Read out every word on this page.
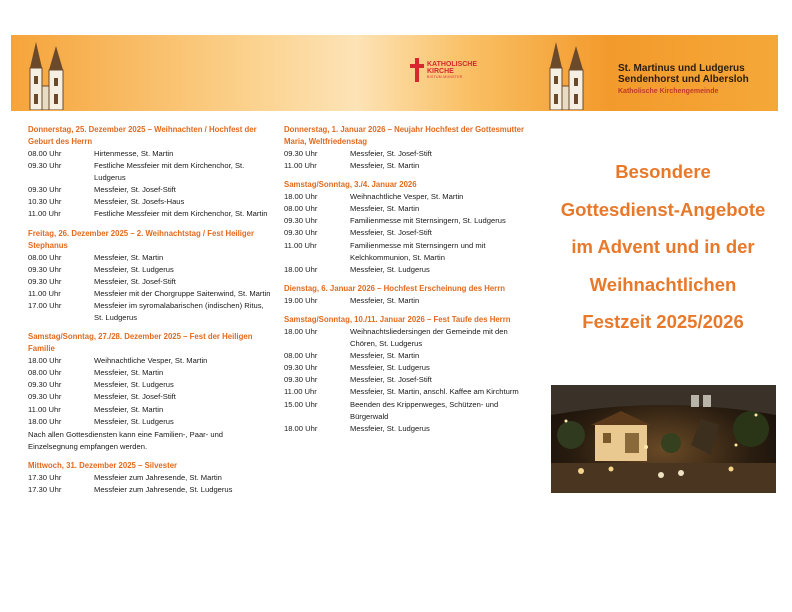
KATHOLISCHE
KIRCHE
BISTUM MÜNSTER
St. Martinus und Ludgerus
Sendenhorst und Albersloh
Katholische Kirchengemeinde
Donnerstag, 25. Dezember 2025 – Weihnachten / Hochfest der Geburt des Herrn
08.00 Uhr	Hirtenmesse, St. Martin
09.30 Uhr	Festliche Messfeier mit dem Kirchenchor, St. Ludgerus
09.30 Uhr	Messfeier, St. Josef-Stift
10.30 Uhr	Messfeier, St. Josefs-Haus
11.00 Uhr	Festliche Messfeier mit dem Kirchenchor, St. Martin
Freitag, 26. Dezember 2025 – 2. Weihnachtstag / Fest Heiliger Stephanus
08.00 Uhr	Messfeier, St. Martin
09.30 Uhr	Messfeier, St. Ludgerus
09.30 Uhr	Messfeier, St. Josef-Stift
11.00 Uhr	Messfeier mit der Chorgruppe Saitenwind, St. Martin
17.00 Uhr	Messfeier im syromalabarischen (indischen) Ritus, St. Ludgerus
Samstag/Sonntag, 27./28. Dezember 2025 – Fest der Heiligen Familie
18.00 Uhr	Weihnachtliche Vesper, St. Martin
08.00 Uhr	Messfeier, St. Martin
09.30 Uhr	Messfeier, St. Ludgerus
09.30 Uhr	Messfeier, St. Josef-Stift
11.00 Uhr	Messfeier, St. Martin
18.00 Uhr	Messfeier, St. Ludgerus
Nach allen Gottesdiensten kann eine Familien-, Paar- und Einzelsegnung empfangen werden.
Mittwoch, 31. Dezember 2025 – Silvester
17.30 Uhr	Messfeier zum Jahresende, St. Martin
17.30 Uhr	Messfeier zum Jahresende, St. Ludgerus
Donnerstag, 1. Januar 2026 – Neujahr Hochfest der Gottesmutter Maria, Weltfriedenstag
09.30 Uhr	Messfeier, St. Josef-Stift
11.00 Uhr	Messfeier, St. Martin
Samstag/Sonntag, 3./4. Januar 2026
18.00 Uhr	Weihnachtliche Vesper, St. Martin
08.00 Uhr	Messfeier, St. Martin
09.30 Uhr	Familienmesse mit Sternsingern, St. Ludgerus
09.30 Uhr	Messfeier, St. Josef-Stift
11.00 Uhr	Familienmesse mit Sternsingern und mit Kelchkommunion, St. Martin
18.00 Uhr	Messfeier, St. Ludgerus
Dienstag, 6. Januar 2026 – Hochfest Erscheinung des Herrn
19.00 Uhr	Messfeier, St. Martin
Samstag/Sonntag, 10./11. Januar 2026 – Fest Taufe des Herrn
18.00 Uhr	Weihnachtsliedersingen der Gemeinde mit den Chören, St. Ludgerus
08.00 Uhr	Messfeier, St. Martin
09.30 Uhr	Messfeier, St. Ludgerus
09.30 Uhr	Messfeier, St. Josef-Stift
11.00 Uhr	Messfeier, St. Martin, anschl. Kaffee am Kirchturm
15.00 Uhr	Beenden des Krippenweges, Schützen- und Bürgerwald
18.00 Uhr	Messfeier, St. Ludgerus
Besondere
Gottesdienst-Angebote
im Advent und in der
Weihnachtlichen
Festzeit 2025/2026
